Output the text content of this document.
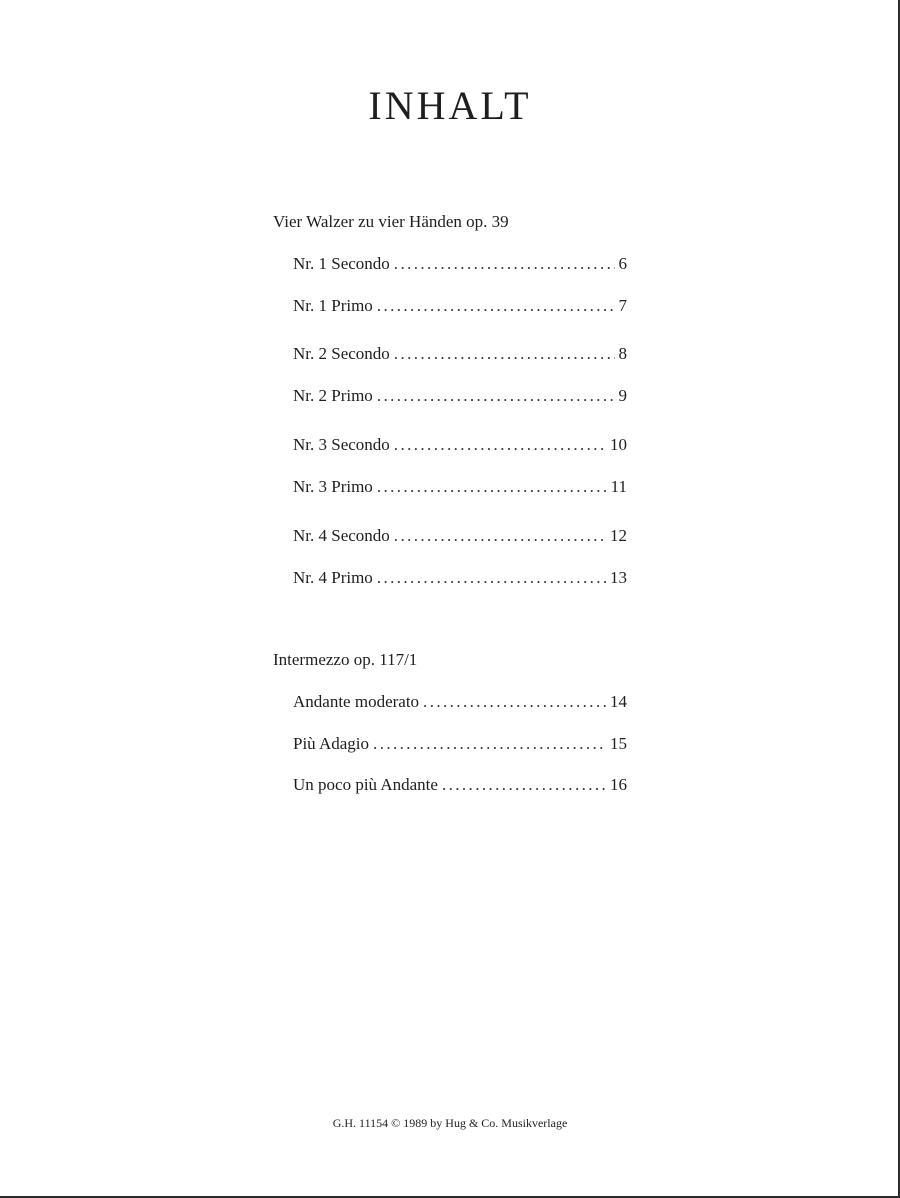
INHALT
Vier Walzer zu vier Händen op. 39
Nr. 1 Secondo .....	6
Nr. 1 Primo .....	7
Nr. 2 Secondo .....	8
Nr. 2 Primo .....	9
Nr. 3 Secondo .....	10
Nr. 3 Primo .....	11
Nr. 4 Secondo .....	12
Nr. 4 Primo .....	13
Intermezzo op. 117/1
Andante moderato .....	14
Più Adagio .....	15
Un poco più Andante .....	16
G.H. 11154 © 1989 by Hug & Co. Musikverlage
